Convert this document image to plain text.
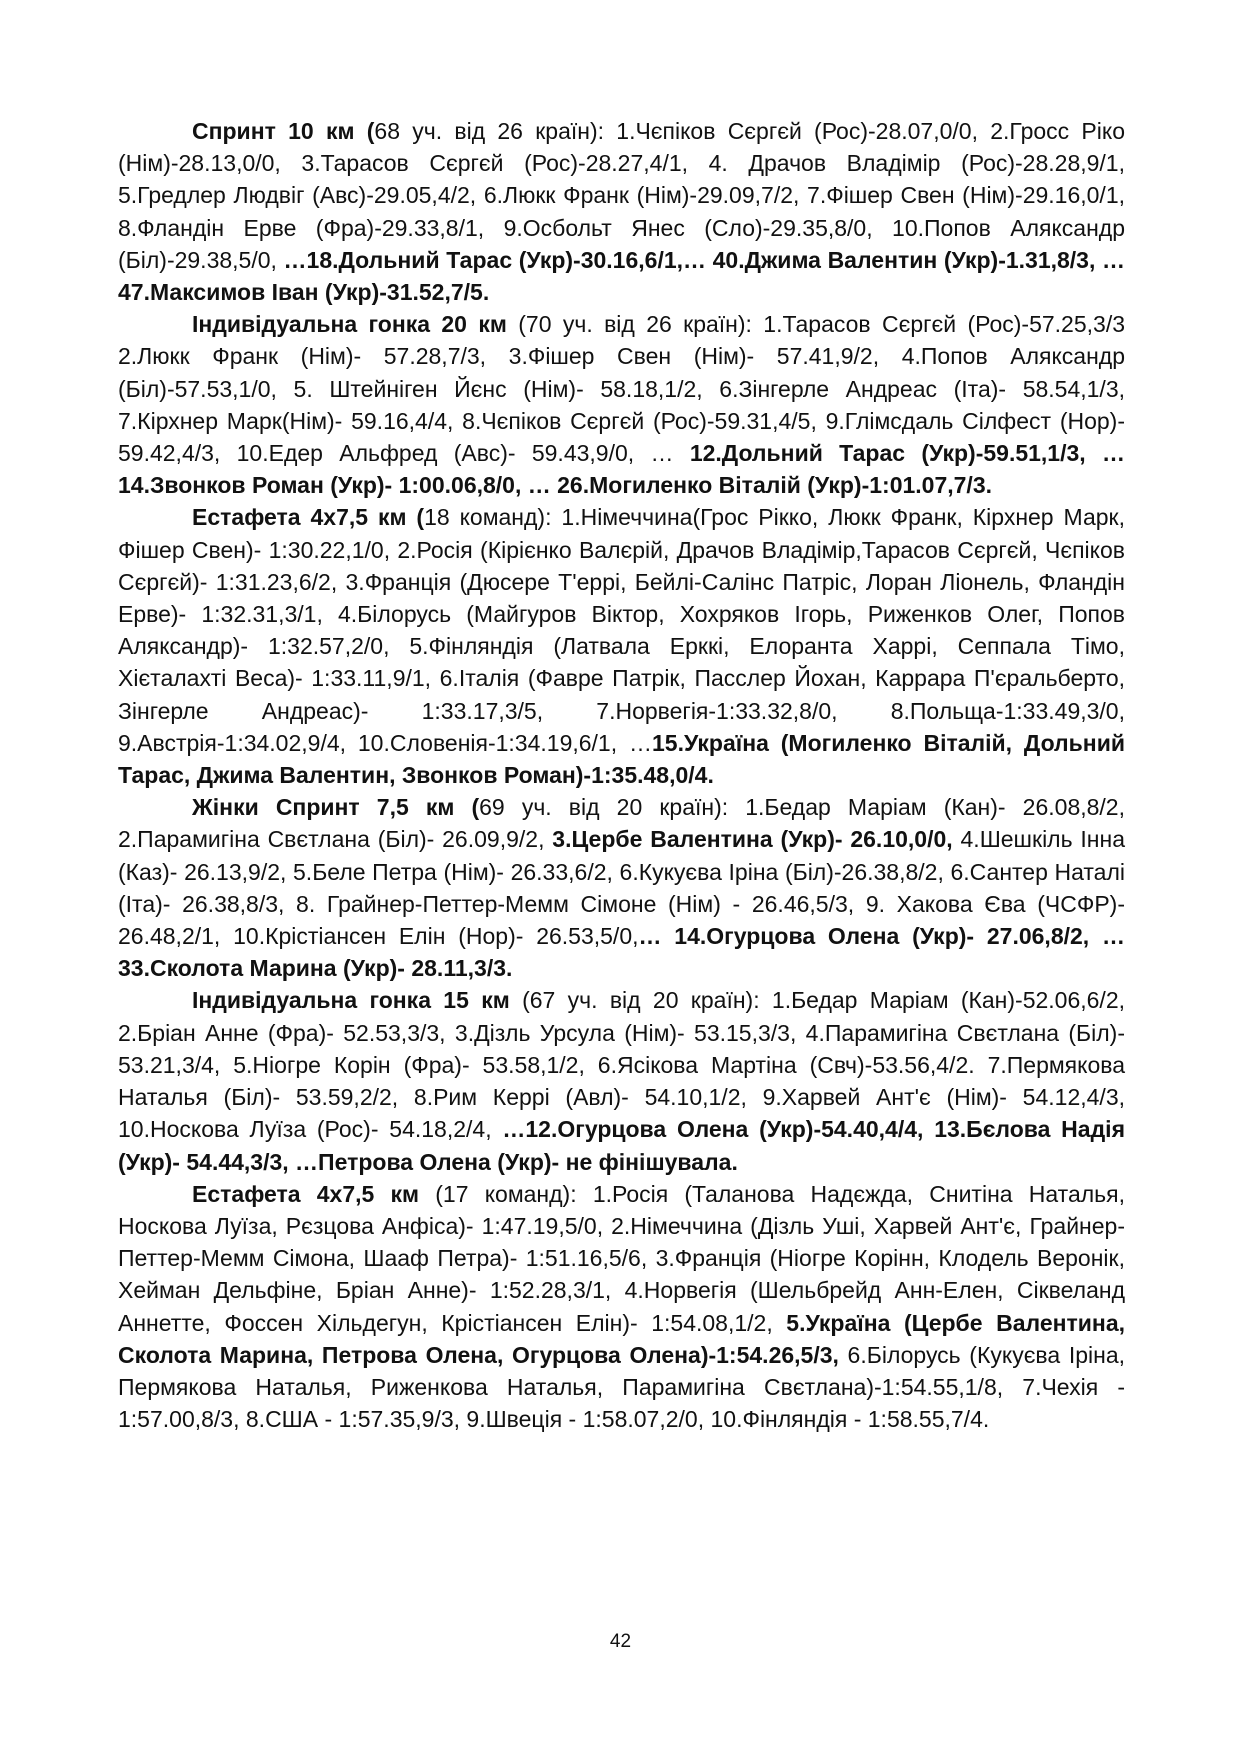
Спринт 10 км (68 уч. від 26 країн): 1.Чєпіков Сєргєй (Рос)-28.07,0/0, 2.Гросс Ріко (Нім)-28.13,0/0, 3.Тарасов Сєргєй (Рос)-28.27,4/1, 4. Драчов Владімір (Рос)-28.28,9/1, 5.Гредлер Людвіг (Авс)-29.05,4/2, 6.Люкк Франк (Нім)-29.09,7/2, 7.Фішер Свен (Нім)-29.16,0/1, 8.Фландін Ерве (Фра)-29.33,8/1, 9.Осбольт Янес (Сло)-29.35,8/0, 10.Попов Аляксандр (Біл)-29.38,5/0, …18.Дольний Тарас (Укр)-30.16,6/1,… 40.Джима Валентин (Укр)-1.31,8/3, …47.Максимов Іван (Укр)-31.52,7/5.

Індивідуальна гонка 20 км (70 уч. від 26 країн): 1.Тарасов Сєргєй (Рос)-57.25,3/3 2.Люкк Франк (Нім)- 57.28,7/3, 3.Фішер Свен (Нім)- 57.41,9/2, 4.Попов Аляксандр (Біл)-57.53,1/0, 5. Штейніген Йєнс (Нім)- 58.18,1/2, 6.Зінгерле Андреас (Іта)- 58.54,1/3, 7.Кірхнер Марк(Нім)- 59.16,4/4, 8.Чєпіков Сєргєй (Рос)-59.31,4/5, 9.Глімсдаль Сілфест (Нор)- 59.42,4/3, 10.Едер Альфред (Авс)- 59.43,9/0, … 12.Дольний Тарас (Укр)-59.51,1/3, … 14.Звонков Роман (Укр)- 1:00.06,8/0, … 26.Могиленко Віталій (Укр)-1:01.07,7/3.

Естафета 4х7,5 км (18 команд): 1.Німеччина(Грос Рікко, Люкк Франк, Кірхнер Марк, Фішер Свен)- 1:30.22,1/0, 2.Росія (Кірієнко Валєрій, Драчов Владімір,Тарасов Сєргєй, Чєпіков Сєргєй)- 1:31.23,6/2, 3.Франція (Дюсере Т'еррі, Бейлі-Салінс Патріс, Лоран Ліонель, Фландін Ерве)- 1:32.31,3/1, 4.Білорусь (Майгуров Віктор, Хохряков Ігорь, Риженков Олег, Попов Аляксандр)- 1:32.57,2/0, 5.Фінляндія (Латвала Ерккі, Елоранта Харрі, Сеппала Тімо, Хієталахті Веса)- 1:33.11,9/1, 6.Італія (Фавре Патрік, Пасслер Йохан, Каррара П'єральберто, Зінгерле Андреас)- 1:33.17,3/5, 7.Норвегія-1:33.32,8/0, 8.Польща-1:33.49,3/0, 9.Австрія-1:34.02,9/4, 10.Словенія-1:34.19,6/1, …15.Україна (Могиленко Віталій, Дольний Тарас, Джима Валентин, Звонков Роман)-1:35.48,0/4.

Жінки Спринт 7,5 км (69 уч. від 20 країн): 1.Бедар Маріам (Кан)- 26.08,8/2, 2.Парамигіна Свєтлана (Біл)- 26.09,9/2, 3.Цербе Валентина (Укр)- 26.10,0/0, 4.Шешкіль Інна (Каз)- 26.13,9/2, 5.Беле Петра (Нім)- 26.33,6/2, 6.Кукуєва Іріна (Біл)-26.38,8/2, 6.Сантер Наталі (Іта)- 26.38,8/3, 8. Грайнер-Петтер-Мемм Сімоне (Нім) - 26.46,5/3, 9. Хакова Єва (ЧСФР)- 26.48,2/1, 10.Крістіансен Елін (Нор)- 26.53,5/0,… 14.Огурцова Олена (Укр)- 27.06,8/2, … 33.Сколота Марина (Укр)- 28.11,3/3.

Індивідуальна гонка 15 км (67 уч. від 20 країн): 1.Бедар Маріам (Кан)-52.06,6/2, 2.Бріан Анне (Фра)- 52.53,3/3, 3.Дізль Урсула (Нім)- 53.15,3/3, 4.Парамигіна Свєтлана (Біл)- 53.21,3/4, 5.Ніогре Корін (Фра)- 53.58,1/2, 6.Ясікова Мартіна (Свч)-53.56,4/2. 7.Пермякова Наталья (Біл)- 53.59,2/2, 8.Рим Керрі (Авл)- 54.10,1/2, 9.Харвей Ант'є (Нім)- 54.12,4/3, 10.Носкова Луїза (Рос)- 54.18,2/4, …12.Огурцова Олена (Укр)-54.40,4/4, 13.Бєлова Надія (Укр)- 54.44,3/3, …Петрова Олена (Укр)- не фінішувала.

Естафета 4х7,5 км (17 команд): 1.Росія (Таланова Надєжда, Снитіна Наталья, Носкова Луїза, Рєзцова Анфіса)- 1:47.19,5/0, 2.Німеччина (Дізль Уші, Харвей Ант'є, Грайнер-Петтер-Мемм Сімона, Шааф Петра)- 1:51.16,5/6, 3.Франція (Ніогре Корінн, Клодель Веронік, Хейман Дельфіне, Бріан Анне)- 1:52.28,3/1, 4.Норвегія (Шельбрейд Анн-Елен, Сіквеланд Аннетте, Фоссен Хільдегун, Крістіансен Елін)- 1:54.08,1/2, 5.Україна (Цербе Валентина, Сколота Марина, Петрова Олена, Огурцова Олена)-1:54.26,5/3, 6.Білорусь (Кукуєва Іріна, Пермякова Наталья, Риженкова Наталья, Парамигіна Свєтлана)-1:54.55,1/8, 7.Чехія - 1:57.00,8/3, 8.США - 1:57.35,9/3, 9.Швеція - 1:58.07,2/0, 10.Фінляндія - 1:58.55,7/4.

42
